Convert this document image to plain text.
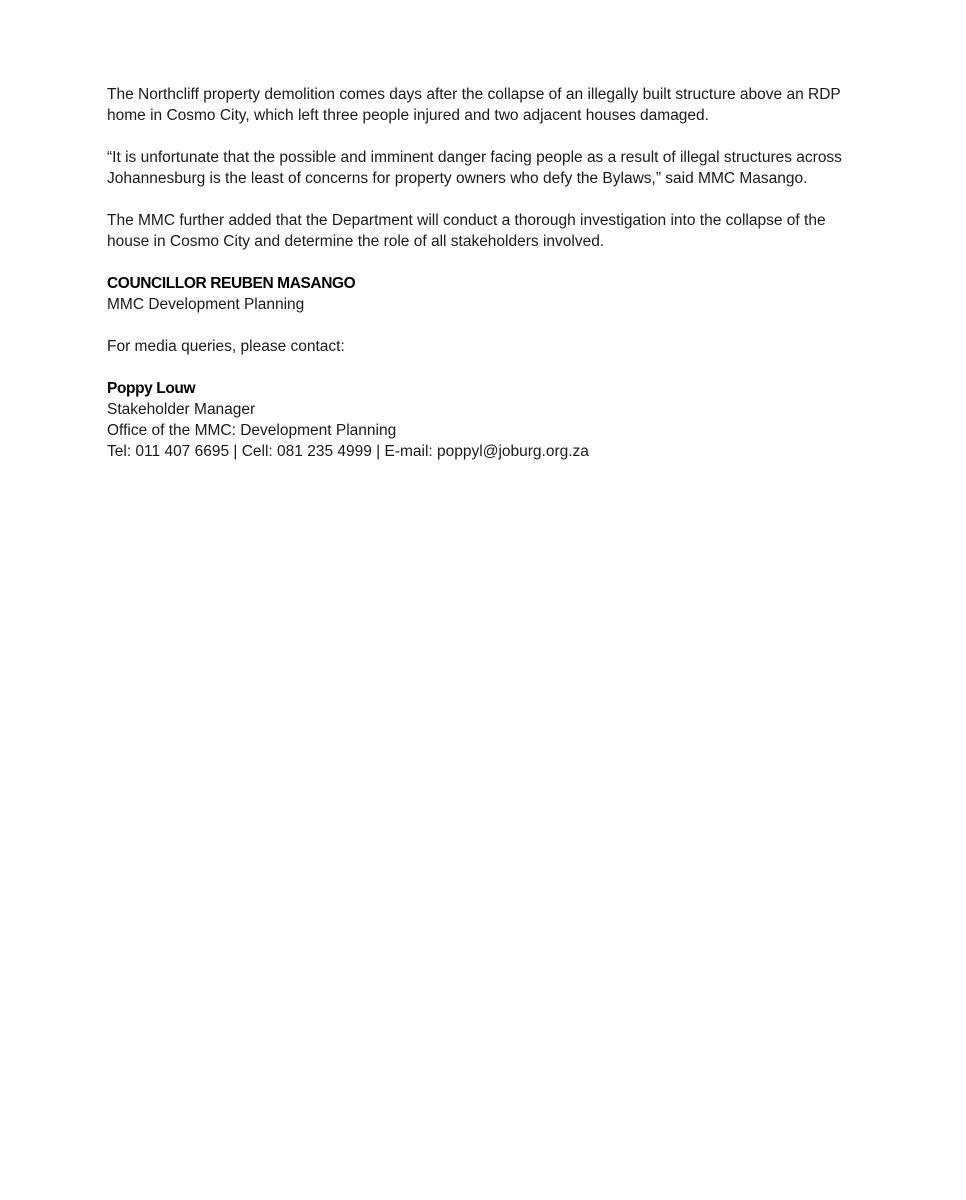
The Northcliff property demolition comes days after the collapse of an illegally built structure above an RDP
home in Cosmo City, which left three people injured and two adjacent houses damaged.
“It is unfortunate that the possible and imminent danger facing people as a result of illegal structures across
Johannesburg is the least of concerns for property owners who defy the Bylaws,” said MMC Masango.
The MMC further added that the Department will conduct a thorough investigation into the collapse of the
house in Cosmo City and determine the role of all stakeholders involved.
COUNCILLOR REUBEN MASANGO
MMC Development Planning
For media queries, please contact:
Poppy Louw
Stakeholder Manager
Office of the MMC: Development Planning
Tel: 011 407 6695 | Cell: 081 235 4999 | E-mail: poppyl@joburg.org.za
